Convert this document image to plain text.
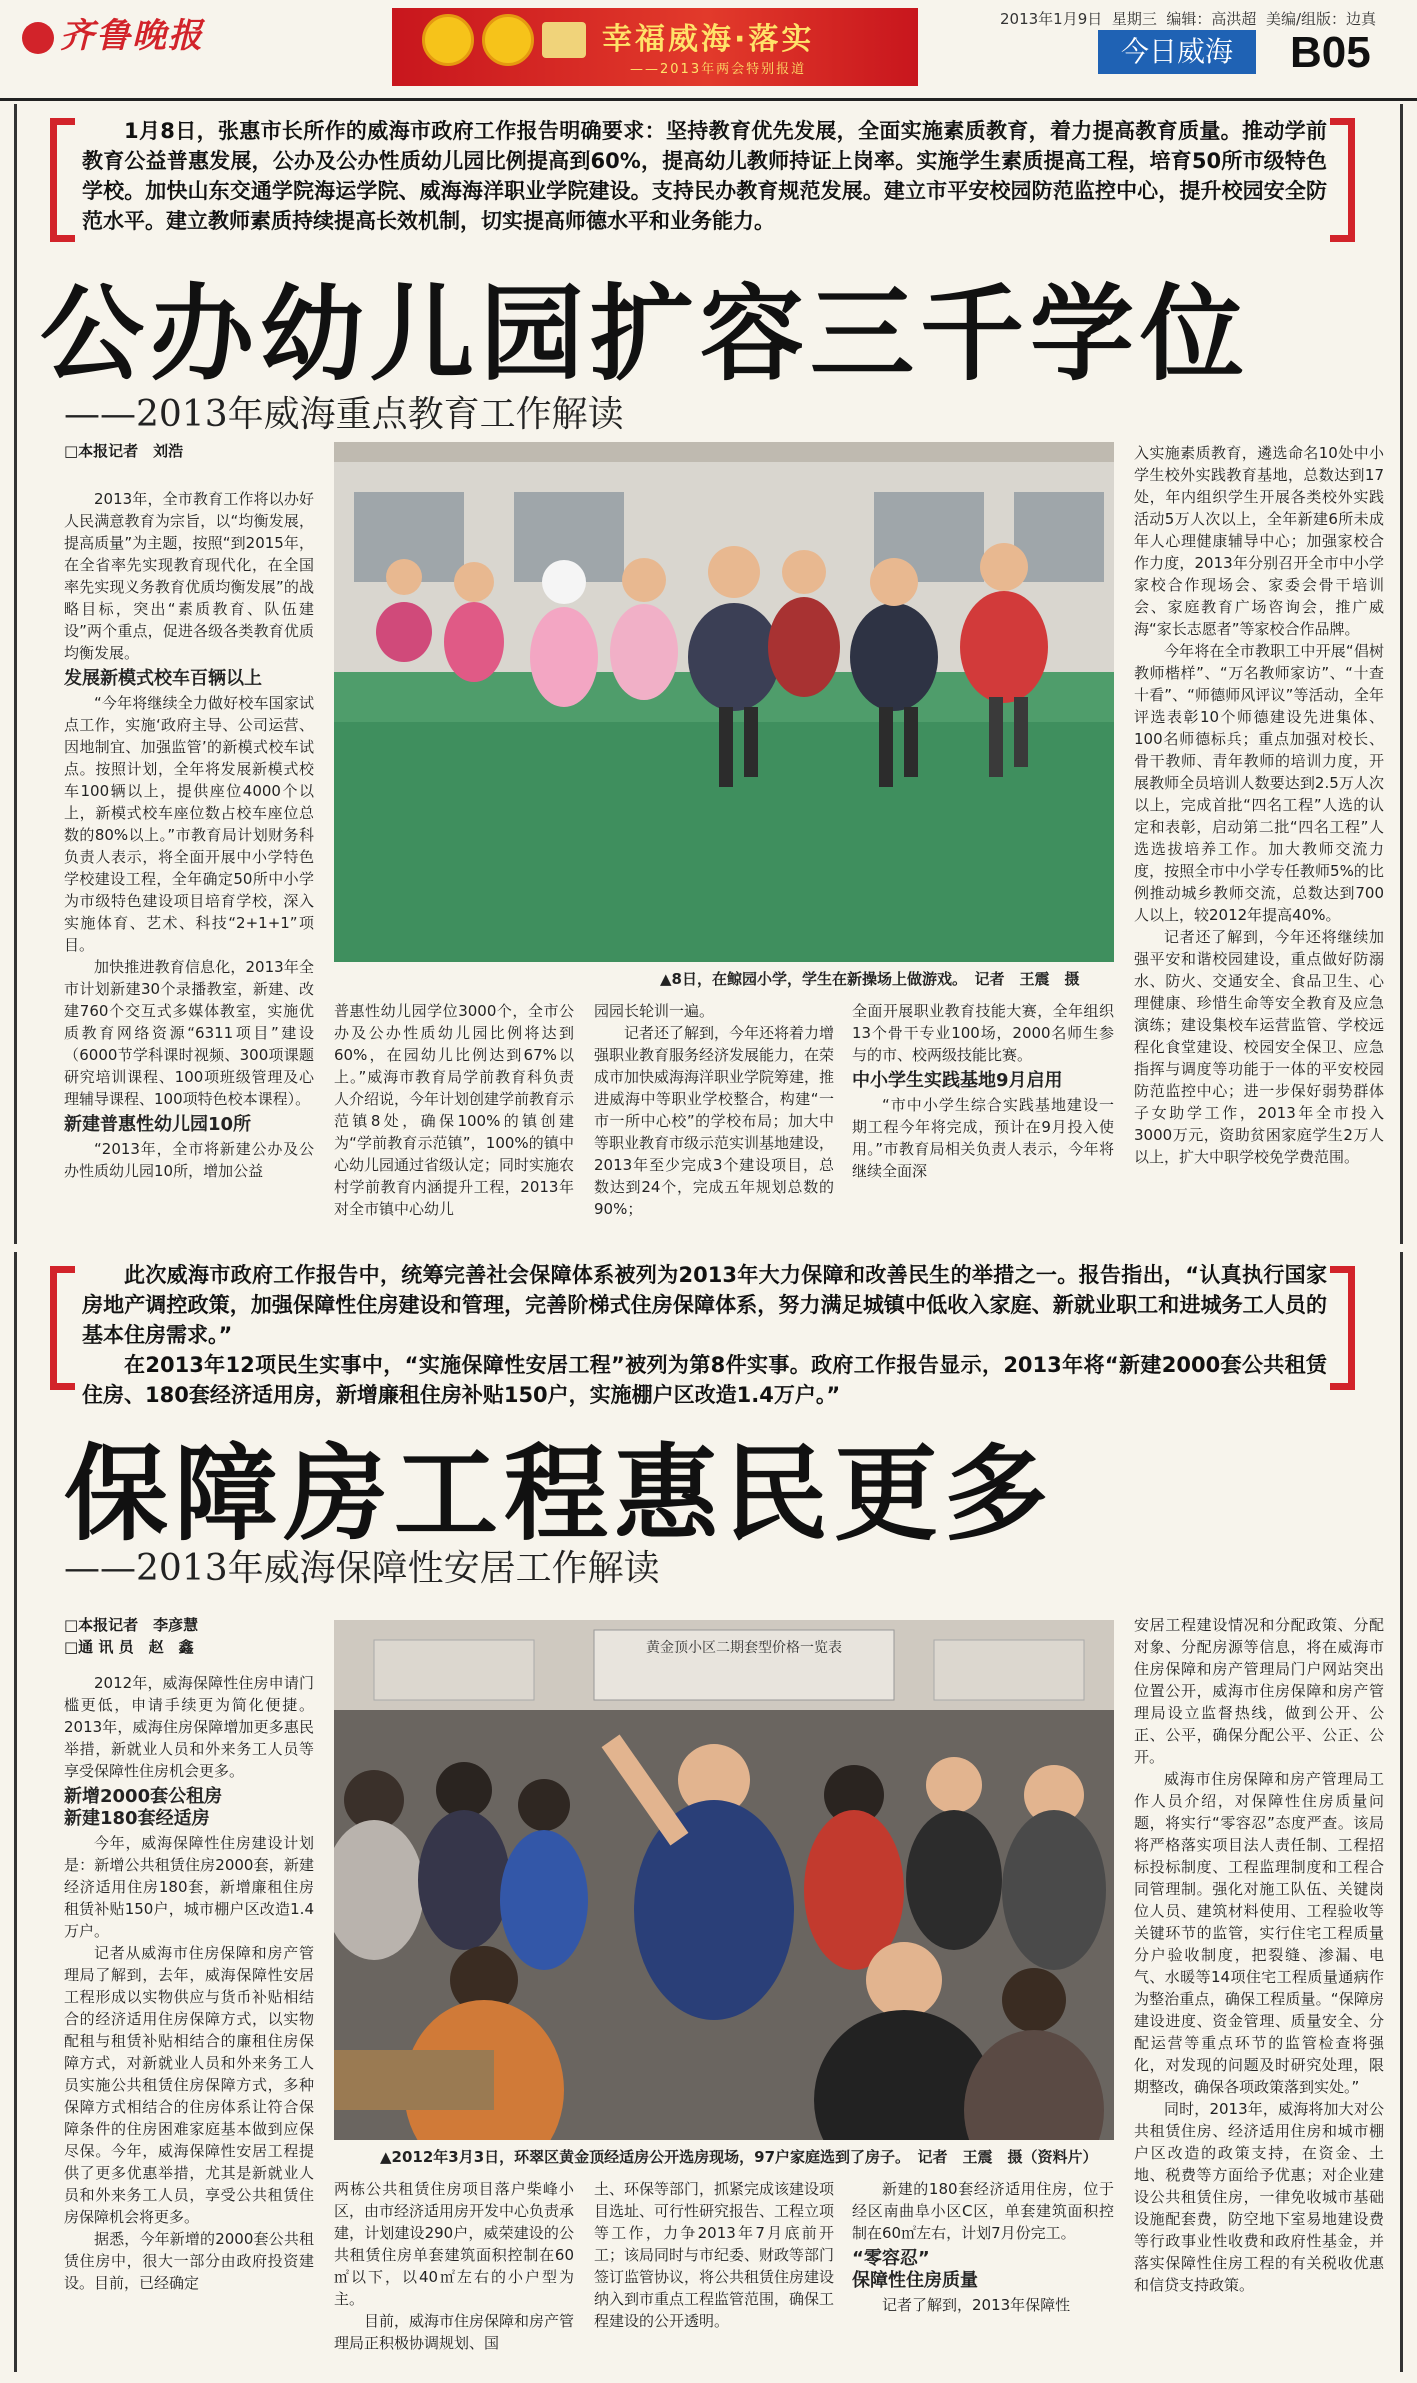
齐鲁晚报	幸福威海·落实
——2013年两会特别报道
2013年1月9日 星期三 编辑：高洪超 美编/组版：边真
今日威海	B05
1月8日，张惠市长所作的威海市政府工作报告明确要求：坚持教育优先发展，全面实施素质教育，着力提高教育质量。推动学前教育公益普惠发展，公办及公办性质幼儿园比例提高到60%，提高幼儿教师持证上岗率。实施学生素质提高工程，培育50所市级特色学校。加快山东交通学院海运学院、威海海洋职业学院建设。支持民办教育规范发展。建立市平安校园防范监控中心，提升校园安全防范水平。建立教师素质持续提高长效机制，切实提高师德水平和业务能力。
公办幼儿园扩容三千学位
——2013年威海重点教育工作解读
□本报记者　刘浩

2013年，全市教育工作将以办好人民满意教育为宗旨，以“均衡发展，提高质量”为主题，按照“到2015年，在全省率先实现教育现代化，在全国率先实现义务教育优质均衡发展”的战略目标，突出“素质教育、队伍建设”两个重点，促进各级各类教育优质均衡发展。

发展新模式校车百辆以上

“今年将继续全力做好校车国家试点工作，实施‘政府主导、公司运营、因地制宜、加强监管’的新模式校车试点。按照计划，全年将发展新模式校车100辆以上，提供座位4000个以上，新模式校车座位数占校车座位总数的80%以上。”市教育局计划财务科负责人表示，将全面开展中小学特色学校建设工程，全年确定50所中小学为市级特色建设项目培育学校，深入实施体育、艺术、科技“2+1+1”项目。

加快推进教育信息化，2013年全市计划新建30个录播教室，新建、改建760个交互式多媒体教室，实施优质教育网络资源“6311项目”建设（6000节学科课时视频、300项课题研究培训课程、100项班级管理及心理辅导课程、100项特色校本课程）。

新建普惠性幼儿园10所

“2013年，全市将新建公办及公办性质幼儿园10所，增加公益

▲8日，在鲸园小学，学生在新操场上做游戏。　记者　王震　摄

普惠性幼儿园学位3000个，全市公办及公办性质幼儿园比例将达到60%，在园幼儿比例达到67%以上。”威海市教育局学前教育科负责人介绍说，今年计划创建学前教育示范镇8处，确保100%的镇创建为“学前教育示范镇”，100%的镇中心幼儿园通过省级认定；同时实施农村学前教育内涵提升工程，2013年对全市镇中心幼儿

园园长轮训一遍。

记者还了解到，今年还将着力增强职业教育服务经济发展能力，在荣成市加快威海海洋职业学院筹建，推进威海中等职业学校整合，构建“一市一所中心校”的学校布局；加大中等职业教育市级示范实训基地建设，2013年至少完成3个建设项目，总数达到24个，完成五年规划总数的90%；

全面开展职业教育技能大赛，全年组织13个骨干专业100场，2000名师生参与的市、校两级技能比赛。

中小学生实践基地9月启用

“市中小学生综合实践基地建设一期工程今年将完成，预计在9月投入使用。”市教育局相关负责人表示，今年将继续全面深

入实施素质教育，遴选命名10处中小学生校外实践教育基地，总数达到17处，年内组织学生开展各类校外实践活动5万人次以上，全年新建6所未成年人心理健康辅导中心；加强家校合作力度，2013年分别召开全市中小学家校合作现场会、家委会骨干培训会、家庭教育广场咨询会，推广威海“家长志愿者”等家校合作品牌。

今年将在全市教职工中开展“倡树教师楷样”、“万名教师家访”、“十查十看”、“师德师风评议”等活动，全年评选表彰10个师德建设先进集体、100名师德标兵；重点加强对校长、骨干教师、青年教师的培训力度，开展教师全员培训人数要达到2.5万人次以上，完成首批“四名工程”人选的认定和表彰，启动第二批“四名工程”人选选拔培养工作。加大教师交流力度，按照全市中小学专任教师5%的比例推动城乡教师交流，总数达到700人以上，较2012年提高40%。

记者还了解到，今年还将继续加强平安和谐校园建设，重点做好防溺水、防火、交通安全、食品卫生、心理健康、珍惜生命等安全教育及应急演练；建设集校车运营监管、学校远程化食堂建设、校园安全保卫、应急指挥与调度等功能于一体的平安校园防范监控中心；进一步保好弱势群体子女助学工作，2013年全市投入3000万元，资助贫困家庭学生2万人以上，扩大中职学校免学费范围。

此次威海市政府工作报告中，统筹完善社会保障体系被列为2013年大力保障和改善民生的举措之一。报告指出，“认真执行国家房地产调控政策，加强保障性住房建设和管理，完善阶梯式住房保障体系，努力满足城镇中低收入家庭、新就业职工和进城务工人员的基本住房需求。”
在2013年12项民生实事中，“实施保障性安居工程”被列为第8件实事。政府工作报告显示，2013年将“新建2000套公共租赁住房、180套经济适用房，新增廉租住房补贴150户，实施棚户区改造1.4万户。”
保障房工程惠民更多
——2013年威海保障性安居工作解读
□本报记者　李彦慧
□通 讯 员　赵　鑫

2012年，威海保障性住房申请门槛更低，申请手续更为简化便捷。2013年，威海住房保障增加更多惠民举措，新就业人员和外来务工人员等享受保障性住房机会更多。

新增2000套公租房
新建180套经适房

今年，威海保障性住房建设计划是：新增公共租赁住房2000套，新建经济适用住房180套，新增廉租住房租赁补贴150户，城市棚户区改造1.4万户。

记者从威海市住房保障和房产管理局了解到，去年，威海保障性安居工程形成以实物供应与货币补贴相结合的经济适用住房保障方式，以实物配租与租赁补贴相结合的廉租住房保障方式，对新就业人员和外来务工人员实施公共租赁住房保障方式，多种保障方式相结合的住房体系让符合保障条件的住房困难家庭基本做到应保尽保。今年，威海保障性安居工程提供了更多优惠举措，尤其是新就业人员和外来务工人员，享受公共租赁住房保障机会将更多。

据悉，今年新增的2000套公共租赁住房中，很大一部分由政府投资建设。目前，已经确定

黄金顶小区二期套型价格一览表
▲2012年3月3日，环翠区黄金顶经适房公开选房现场，97户家庭选到了房子。　记者　王震　摄（资料片）

两栋公共租赁住房项目落户柴峰小区，由市经济适用房开发中心负责承建，计划建设290户，威荣建设的公共租赁住房单套建筑面积控制在60㎡以下，以40㎡左右的小户型为主。

目前，威海市住房保障和房产管理局正积极协调规划、国

土、环保等部门，抓紧完成该建设项目选址、可行性研究报告、工程立项等工作，力争2013年7月底前开工；该局同时与市纪委、财政等部门签订监管协议，将公共租赁住房建设纳入到市重点工程监管范围，确保工程建设的公开透明。

新建的180套经济适用住房，位于经区南曲阜小区C区，单套建筑面积控制在60㎡左右，计划7月份完工。

“零容忍”
保障性住房质量

记者了解到，2013年保障性

安居工程建设情况和分配政策、分配对象、分配房源等信息，将在威海市住房保障和房产管理局门户网站突出位置公开，威海市住房保障和房产管理局设立监督热线，做到公开、公正、公平，确保分配公平、公正、公开。

威海市住房保障和房产管理局工作人员介绍，对保障性住房质量问题，将实行“零容忍”态度严查。该局将严格落实项目法人责任制、工程招标投标制度、工程监理制度和工程合同管理制。强化对施工队伍、关键岗位人员、建筑材料使用、工程验收等关键环节的监管，实行住宅工程质量分户验收制度，把裂缝、渗漏、电气、水暖等14项住宅工程质量通病作为整治重点，确保工程质量。“保障房建设进度、资金管理、质量安全、分配运营等重点环节的监管检查将强化，对发现的问题及时研究处理，限期整改，确保各项政策落到实处。”

同时，2013年，威海将加大对公共租赁住房、经济适用住房和城市棚户区改造的政策支持，在资金、土地、税费等方面给予优惠；对企业建设公共租赁住房，一律免收城市基础设施配套费，防空地下室易地建设费等行政事业性收费和政府性基金，并落实保障性住房工程的有关税收优惠和信贷支持政策。
